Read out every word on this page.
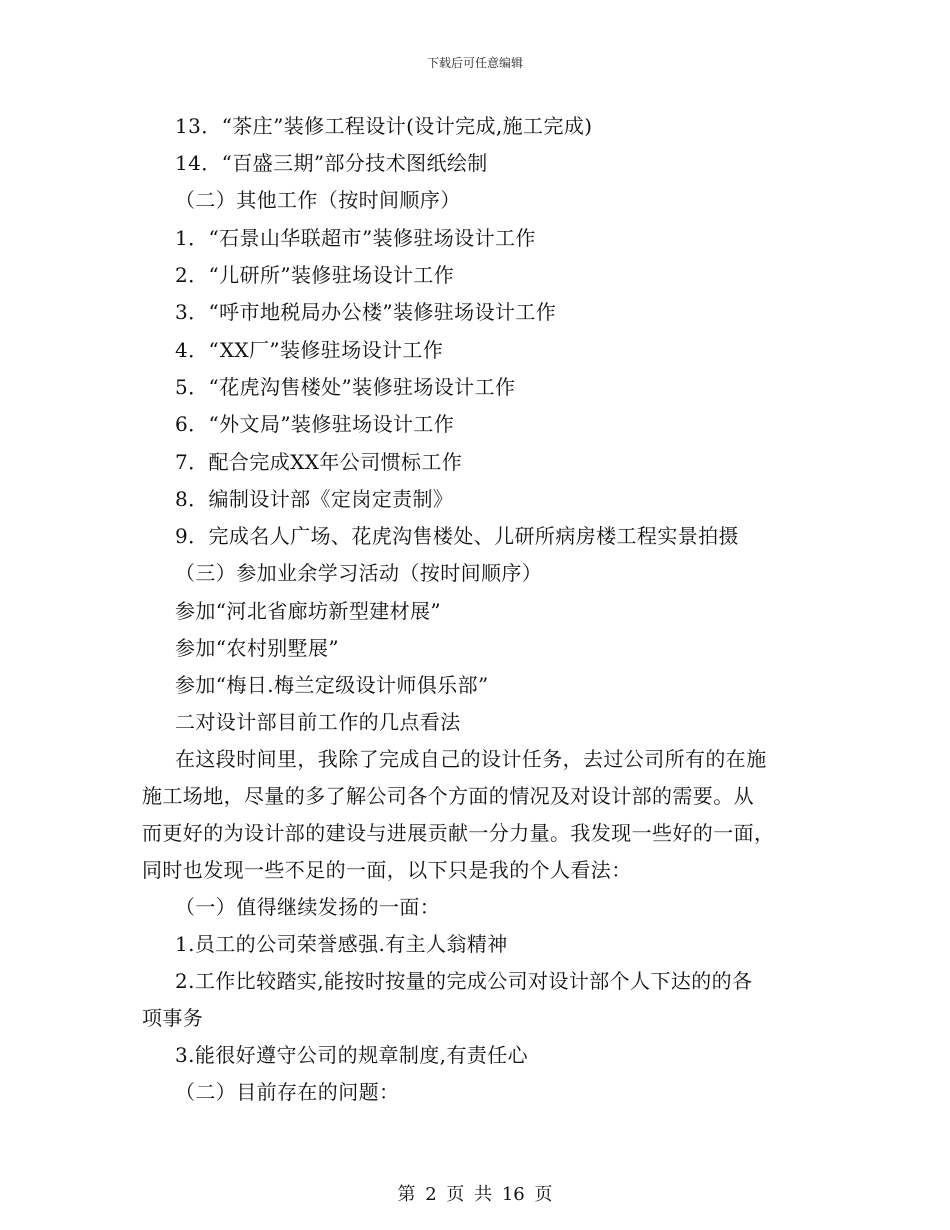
下载后可任意编辑
13．“茶庄”装修工程设计(设计完成,施工完成)
14．“百盛三期”部分技术图纸绘制
（二）其他工作（按时间顺序）
1．“石景山华联超市”装修驻场设计工作
2．“儿研所”装修驻场设计工作
3．“呼市地税局办公楼”装修驻场设计工作
4．“XX厂”装修驻场设计工作
5．“花虎沟售楼处”装修驻场设计工作
6．“外文局”装修驻场设计工作
7．配合完成XX年公司惯标工作
8．编制设计部《定岗定责制》
9．完成名人广场、花虎沟售楼处、儿研所病房楼工程实景拍摄
（三）参加业余学习活动（按时间顺序）
参加“河北省廊坊新型建材展”
参加“农村别墅展”
参加“梅日.梅兰定级设计师俱乐部”
二对设计部目前工作的几点看法
在这段时间里，我除了完成自己的设计任务，去过公司所有的在施
施工场地，尽量的多了解公司各个方面的情况及对设计部的需要。从
而更好的为设计部的建设与进展贡献一分力量。我发现一些好的一面，
同时也发现一些不足的一面，以下只是我的个人看法：
（一）值得继续发扬的一面：
1.员工的公司荣誉感强.有主人翁精神
2.工作比较踏实,能按时按量的完成公司对设计部个人下达的的各
项事务
3.能很好遵守公司的规章制度,有责任心
（二）目前存在的问题：
第 2 页 共 16 页
